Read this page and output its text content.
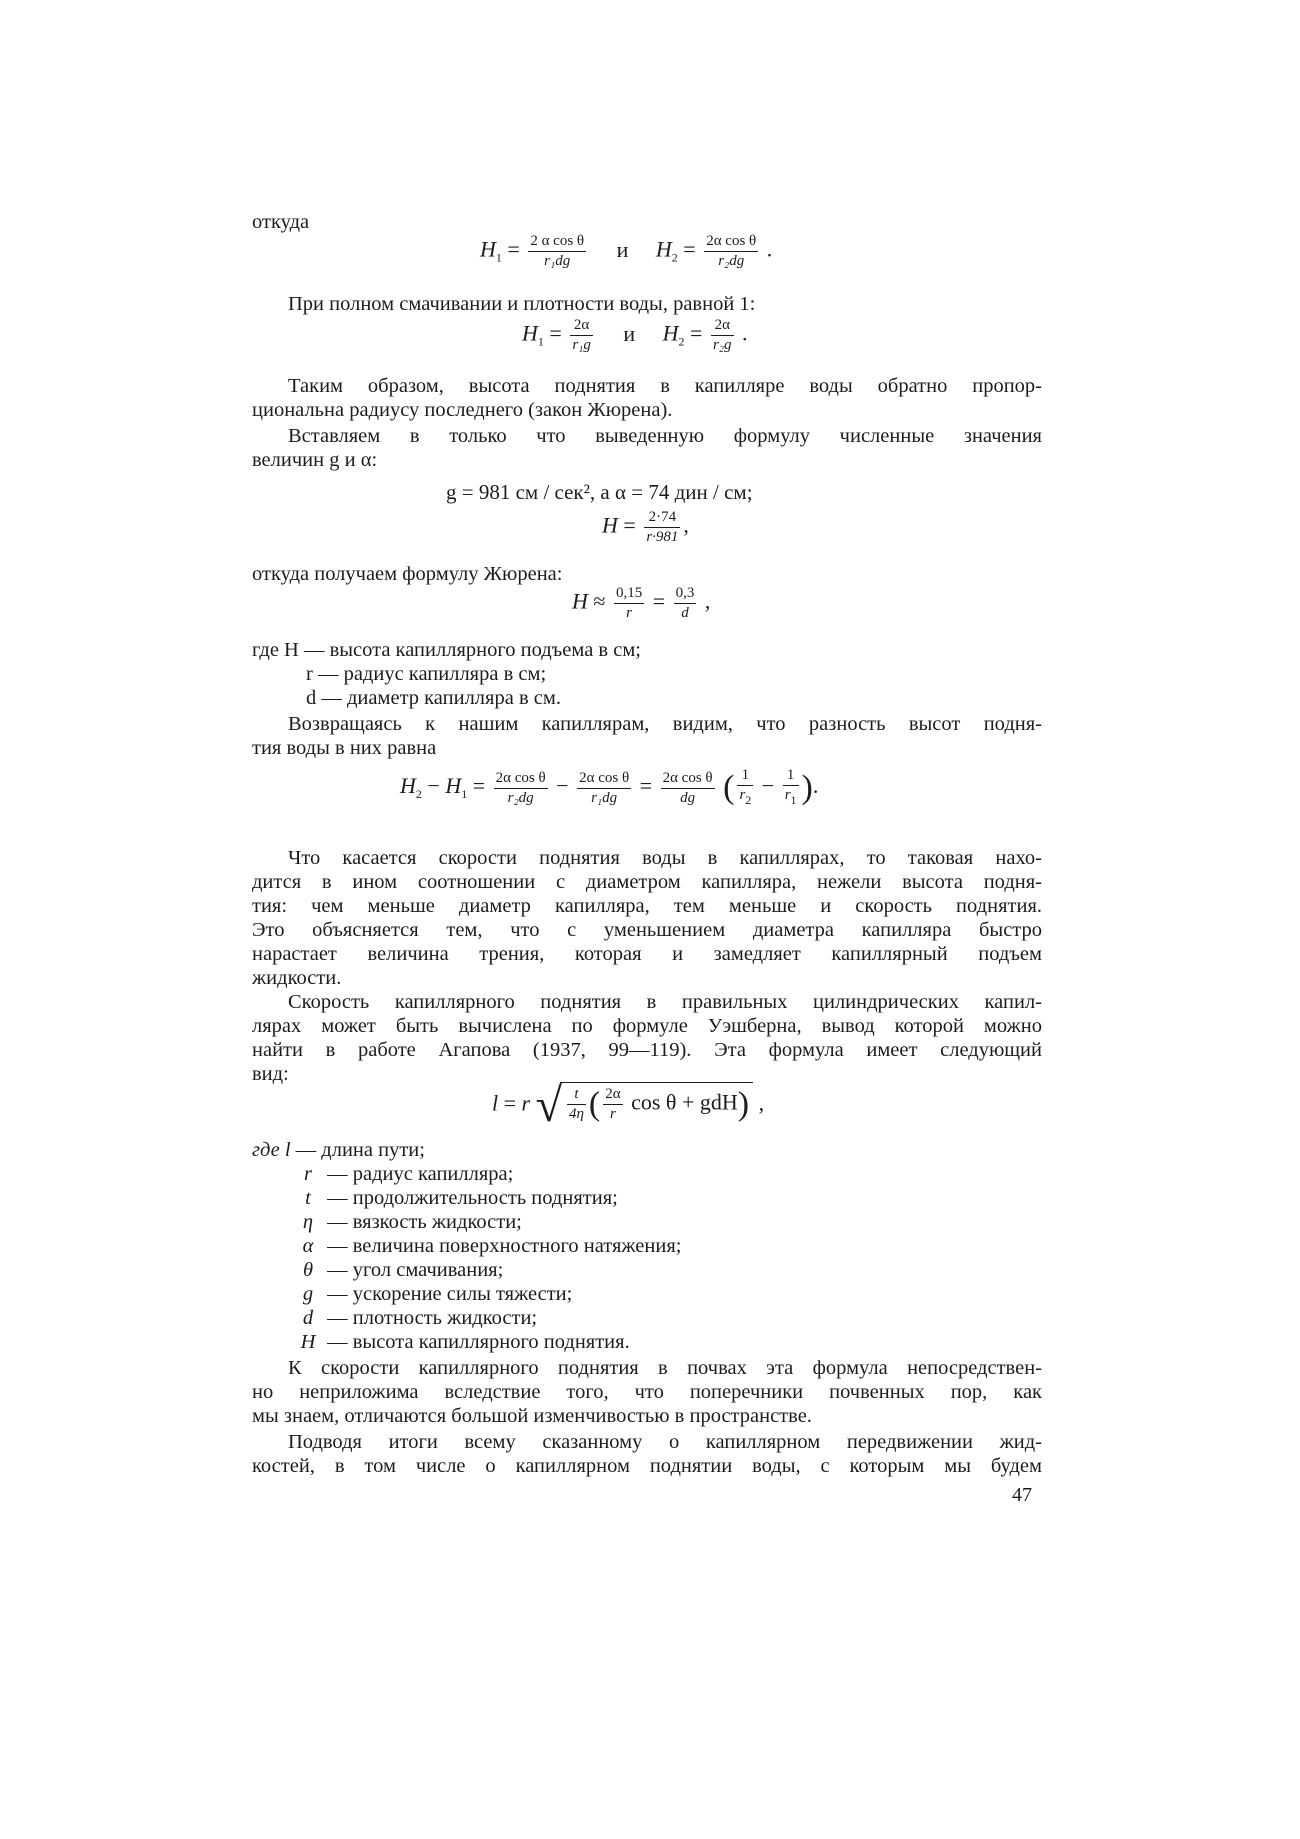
откуда
$H_1 = \frac{\text{2 α cos θ}}{\text{r₁dg}}$ и $H_2 = \frac{\text{2α cos θ}}{\text{r₂dg}}$ .
При полном смачивании и плотности воды, равной 1:
$H_1 = \frac{2\alpha}{\text{r₁g}}$ и $H_2 = \frac{2\alpha}{\text{r₂g}}$ .
Таким образом, высота поднятия в капилляре воды обратно пропор-
циональна радиусу последнего (закон Жюрена).
Вставляем в только что выведенную формулу численные значения
величин g и α:
g = 981 см / сек², а α = 74 дин / см;
$H = \frac{2\cdot 74}{r\cdot 981}$ ,
откуда получаем формулу Жюрена:
$H \approx \frac{0,15}{r} = \frac{0,3}{d}$ ,
где H — высота капиллярного подъема в см;
r — радиус капилляра в см;
d — диаметр капилляра в см.
Возвращаясь к нашим капиллярам, видим, что разность высот подня-
тия воды в них равна
$H_2 - H_1 = \frac{\text{2α cos θ}}{\text{r₂dg}} - \frac{\text{2α cos θ}}{\text{r₁dg}} = \frac{\text{2α cos θ}}{dg}$ ( $\frac{1}{r_2} - \frac{1}{r_1}$ ).
Что касается скорости поднятия воды в капиллярах, то таковая нахо-
дится в ином соотношении с диаметром капилляра, нежели высота подня-
тия: чем меньше диаметр капилляра, тем меньше и скорость поднятия.
Это объясняется тем, что с уменьшением диаметра капилляра быстро
нарастает величина трения, которая и замедляет капиллярный подъем
жидкости.
Скорость капиллярного поднятия в правильных цилиндрических капил-
лярах может быть вычислена по формуле Уэшберна, вывод которой можно
найти в работе Агапова (1937, 99—119). Эта формула имеет следующий
вид:
l = r √ $\frac{t}{4\eta}$ ( $\frac{2\alpha}{r}$ cos θ + gdH) ,
где l — длина пути;
r — радиус капилляра;
t — продолжительность поднятия;
η — вязкость жидкости;
α — величина поверхностного натяжения;
θ — угол смачивания;
g — ускорение силы тяжести;
d — плотность жидкости;
H — высота капиллярного поднятия.
К скорости капиллярного поднятия в почвах эта формула непосредствен-
но неприложима вследствие того, что поперечники почвенных пор, как
мы знаем, отличаются большой изменчивостью в пространстве.
Подводя итоги всему сказанному о капиллярном передвижении жид-
костей, в том числе о капиллярном поднятии воды, с которым мы будем
47
